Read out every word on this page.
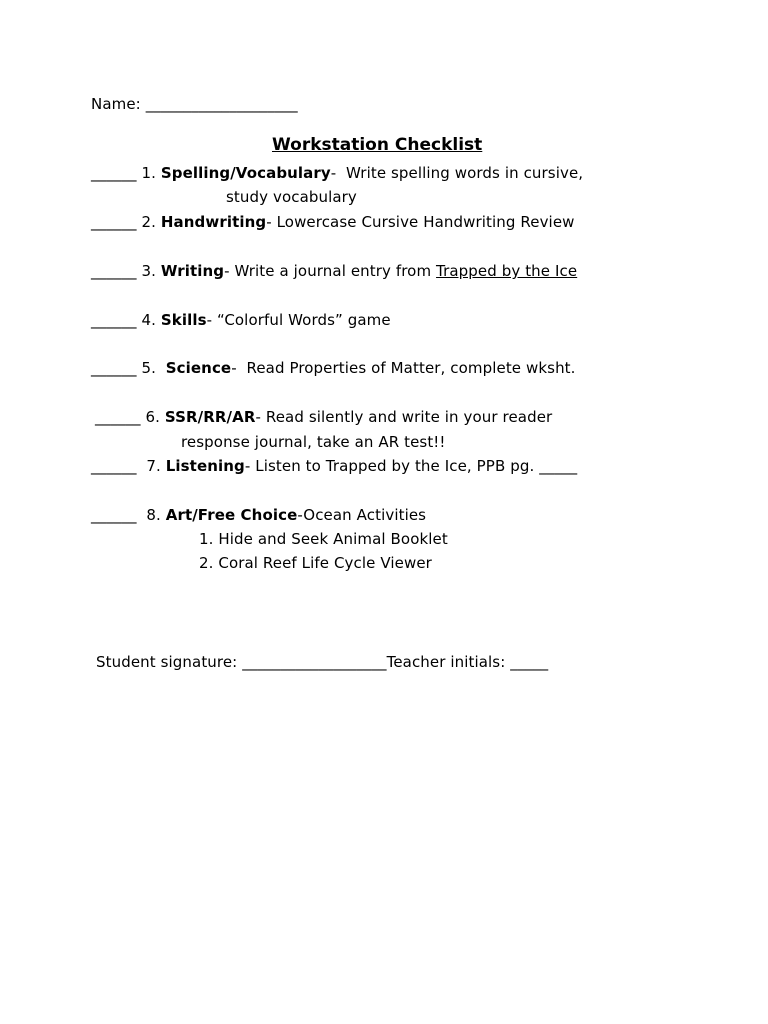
Name: ____________________
Workstation Checklist
______ 1. Spelling/Vocabulary- Write spelling words in cursive,
study vocabulary
______ 2. Handwriting- Lowercase Cursive Handwriting Review
______ 3. Writing- Write a journal entry from Trapped by the Ice
______ 4. Skills- “Colorful Words” game
______ 5. Science- Read Properties of Matter, complete wksht.
______ 6. SSR/RR/AR- Read silently and write in your reader
response journal, take an AR test!!
______ 7. Listening- Listen to Trapped by the Ice, PPB pg. _____
______ 8. Art/Free Choice-Ocean Activities
1. Hide and Seek Animal Booklet
2. Coral Reef Life Cycle Viewer
Student signature: ___________________Teacher initials: _____
